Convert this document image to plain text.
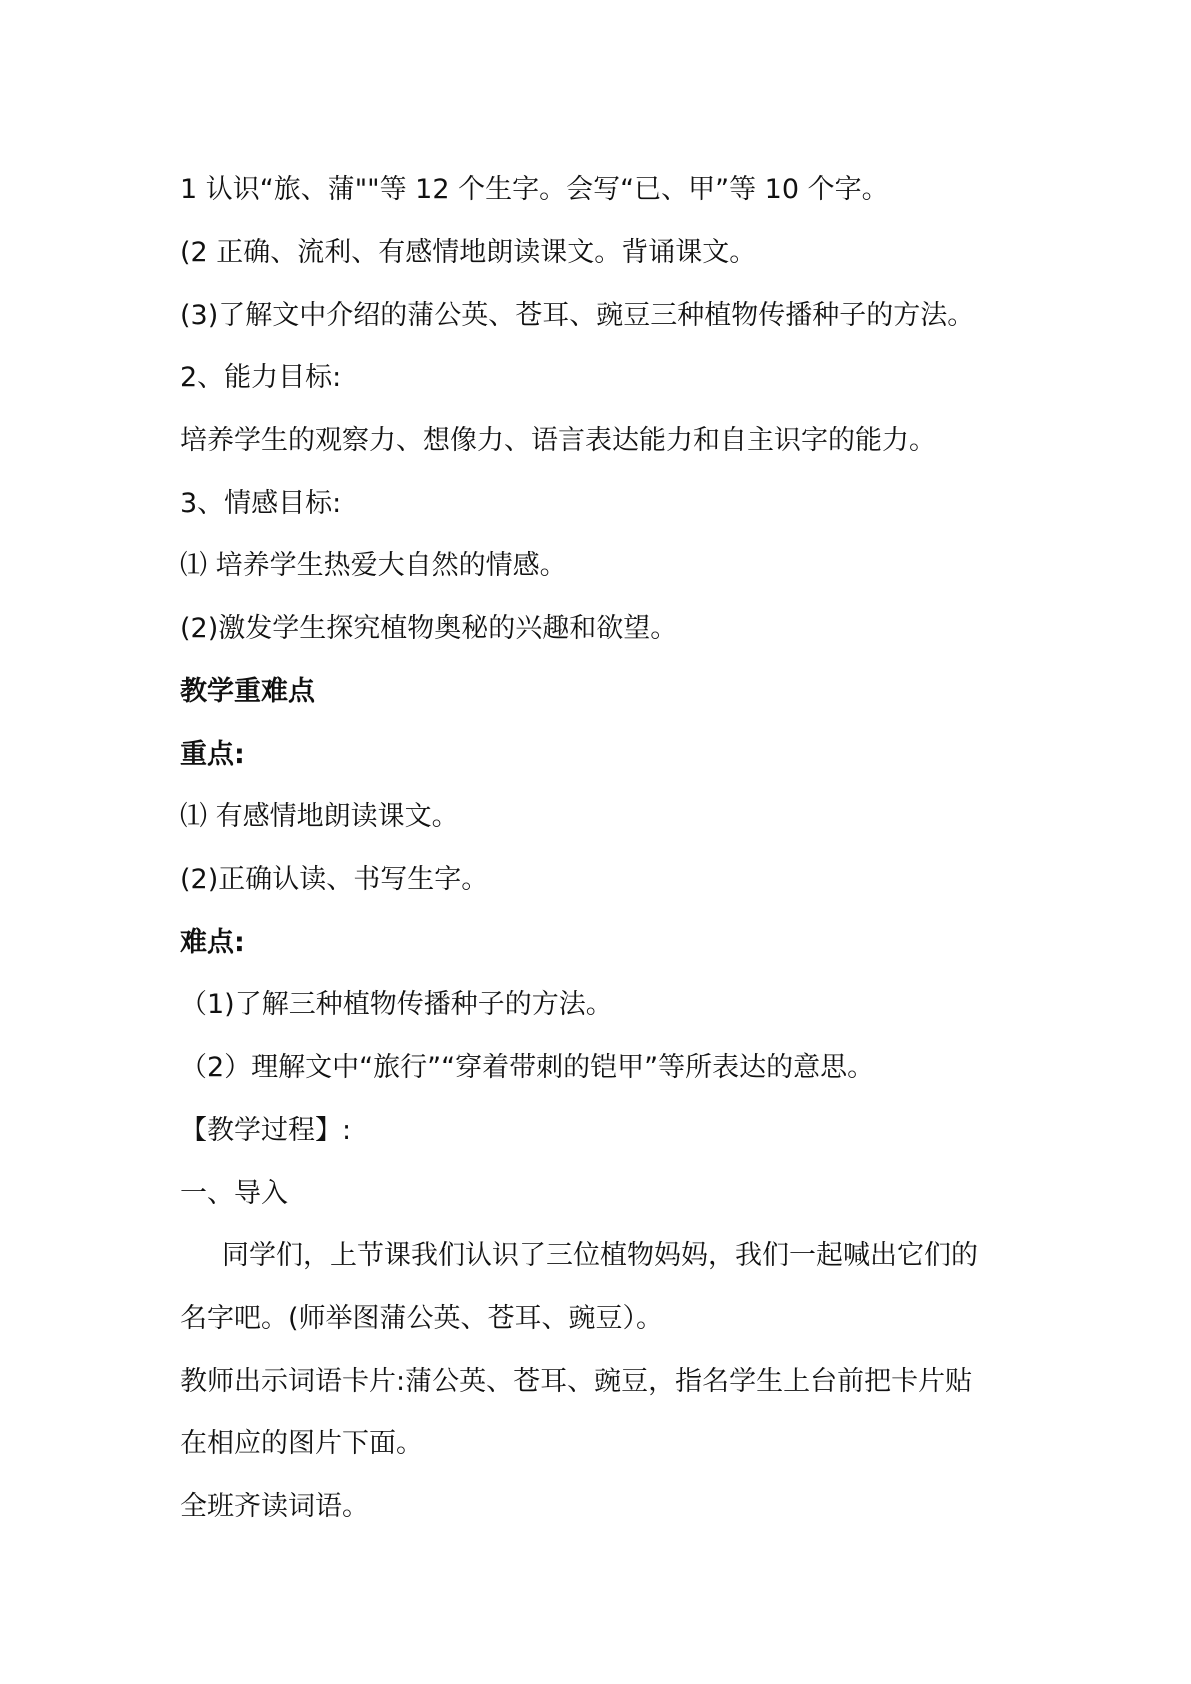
1 认识“旅、蒲""等 12 个生字。会写“已、甲”等 10 个字。
(2 正确、流利、有感情地朗读课文。背诵课文。
(3)了解文中介绍的蒲公英、苍耳、豌豆三种植物传播种子的方法。
2、能力目标:
培养学生的观察力、想像力、语言表达能力和自主识字的能力。
3、情感目标:
⑴ 培养学生热爱大自然的情感。
(2)激发学生探究植物奥秘的兴趣和欲望。
教学重难点
重点:
⑴ 有感情地朗读课文。
(2)正确认读、书写生字。
难点:
（1)了解三种植物传播种子的方法。
（2）理解文中“旅行”“穿着带刺的铠甲”等所表达的意思。
【教学过程】:
一、导入
同学们，上节课我们认识了三位植物妈妈，我们一起喊出它们的
名字吧。(师举图蒲公英、苍耳、豌豆）。
教师出示词语卡片:蒲公英、苍耳、豌豆，指名学生上台前把卡片贴
在相应的图片下面。
全班齐读词语。
